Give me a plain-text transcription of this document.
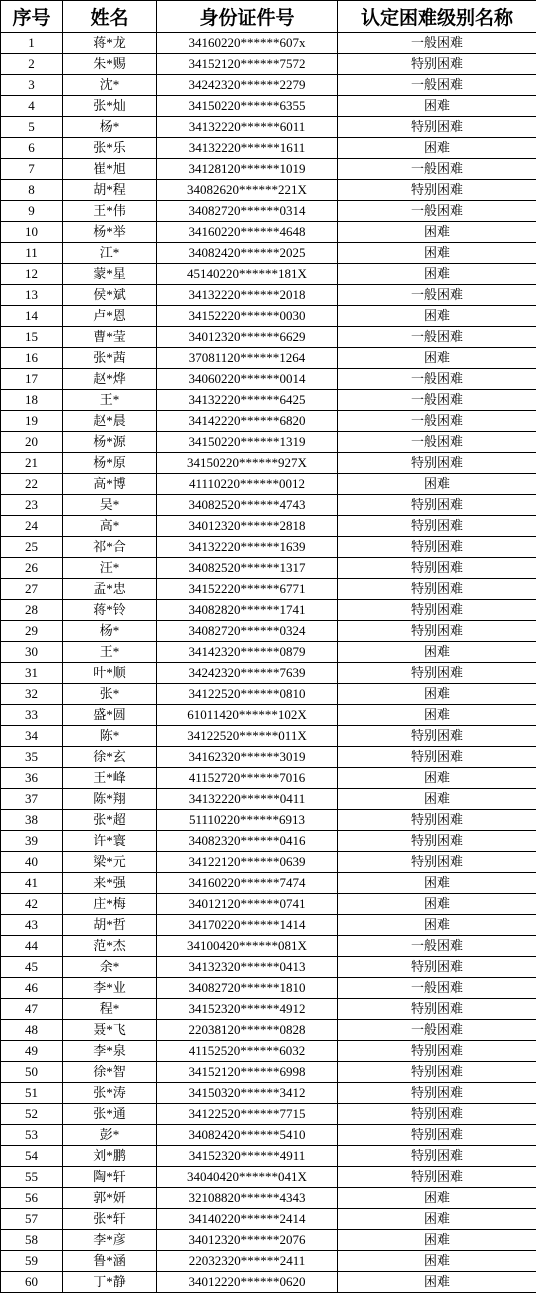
序号	姓名	身份证件号	认定困难级别名称
1	蒋*龙	34160220******607x	一般困难
2	朱*赐	34152120******7572	特别困难
3	沈*	34242320******2279	一般困难
4	张*灿	34150220******6355	困难
5	杨*	34132220******6011	特别困难
6	张*乐	34132220******1611	困难
7	崔*旭	34128120******1019	一般困难
8	胡*程	34082620******221X	特别困难
9	王*伟	34082720******0314	一般困难
10	杨*举	34160220******4648	困难
11	江*	34082420******2025	困难
12	蒙*星	45140220******181X	困难
13	侯*斌	34132220******2018	一般困难
14	卢*恩	34152220******0030	困难
15	曹*莹	34012320******6629	一般困难
16	张*茜	37081120******1264	困难
17	赵*烨	34060220******0014	一般困难
18	王*	34132220******6425	一般困难
19	赵*晨	34142220******6820	一般困难
20	杨*源	34150220******1319	一般困难
21	杨*原	34150220******927X	特别困难
22	高*博	41110220******0012	困难
23	吴*	34082520******4743	特别困难
24	高*	34012320******2818	特别困难
25	祁*合	34132220******1639	特别困难
26	汪*	34082520******1317	特别困难
27	孟*忠	34152220******6771	特别困难
28	蒋*铃	34082820******1741	特别困难
29	杨*	34082720******0324	特别困难
30	王*	34142320******0879	困难
31	叶*顺	34242320******7639	特别困难
32	张*	34122520******0810	困难
33	盛*圆	61011420******102X	困难
34	陈*	34122520******011X	特别困难
35	徐*玄	34162320******3019	特别困难
36	王*峰	41152720******7016	困难
37	陈*翔	34132220******0411	困难
38	张*超	51110220******6913	特别困难
39	许*寰	34082320******0416	特别困难
40	梁*元	34122120******0639	特别困难
41	来*强	34160220******7474	困难
42	庄*梅	34012120******0741	困难
43	胡*哲	34170220******1414	困难
44	范*杰	34100420******081X	一般困难
45	余*	34132320******0413	特别困难
46	李*业	34082720******1810	一般困难
47	程*	34152320******4912	特别困难
48	聂*飞	22038120******0828	一般困难
49	李*泉	41152520******6032	特别困难
50	徐*智	34152120******6998	特别困难
51	张*涛	34150320******3412	特别困难
52	张*通	34122520******7715	特别困难
53	彭*	34082420******5410	特别困难
54	刘*鹏	34152320******4911	特别困难
55	陶*轩	34040420******041X	特别困难
56	郭*妍	32108820******4343	困难
57	张*轩	34140220******2414	困难
58	李*彦	34012320******2076	困难
59	鲁*涵	22032320******2411	困难
60	丁*静	34012220******0620	困难
